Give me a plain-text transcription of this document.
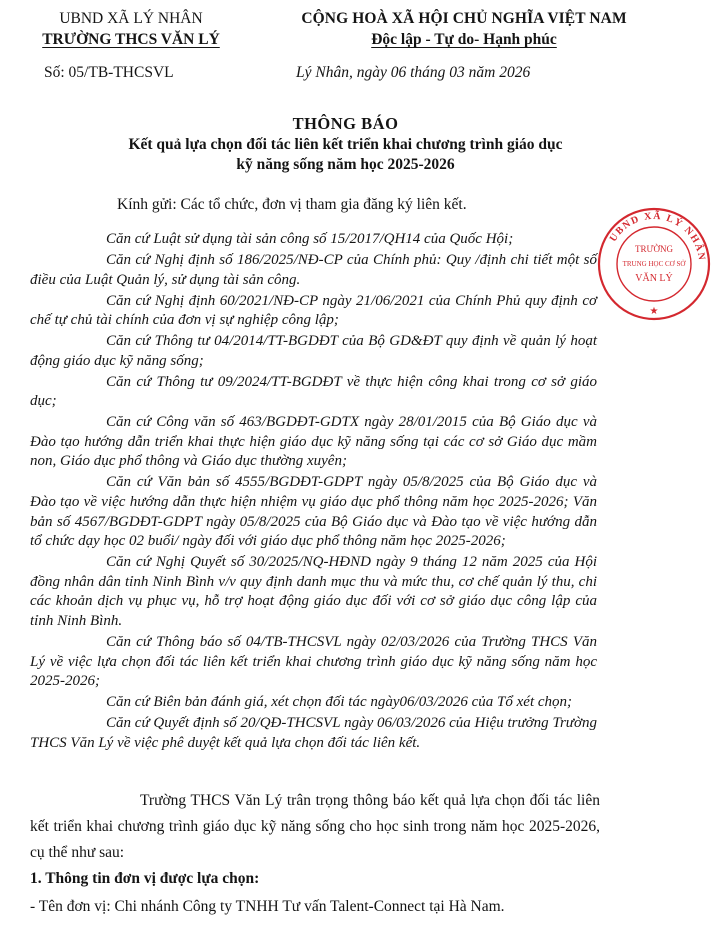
UBND XÃ LÝ NHÂN
TRƯỜNG THCS VĂN LÝ
CỘNG HOÀ XÃ HỘI CHỦ NGHĨA VIỆT NAM
Độc lập - Tự do- Hạnh phúc
Số: 05/TB-THCSVL	Lý Nhân, ngày 06 tháng 03 năm 2026
THÔNG BÁO
Kết quả lựa chọn đối tác liên kết triển khai chương trình giáo dục
kỹ năng sống năm học 2025-2026
Kính gửi: Các tổ chức, đơn vị tham gia đăng ký liên kết.

Căn cứ Luật sử dụng tài sản công số 15/2017/QH14 của Quốc Hội;

Căn cứ Nghị định số 186/2025/NĐ-CP của Chính phủ: Quy /định chi tiết một số điều của Luật Quản lý, sử dụng tài sản công.

Căn cứ Nghị định 60/2021/NĐ-CP ngày 21/06/2021 của Chính Phủ quy định cơ chế tự chủ tài chính của đơn vị sự nghiệp công lập;

Căn cứ Thông tư 04/2014/TT-BGDĐT của Bộ GD&ĐT quy định về quản lý hoạt động giáo dục kỹ năng sống;

Căn cứ Thông tư 09/2024/TT-BGDĐT về thực hiện công khai trong cơ sở giáo dục;

Căn cứ Công văn số 463/BGDĐT-GDTX ngày 28/01/2015 của Bộ Giáo dục và Đào tạo hướng dẫn triển khai thực hiện giáo dục kỹ năng sống tại các cơ sở Giáo dục mầm non, Giáo dục phổ thông và Giáo dục thường xuyên;

Căn cứ Văn bản số 4555/BGDĐT-GDPT ngày 05/8/2025 của Bộ Giáo dục và Đào tạo về việc hướng dẫn thực hiện nhiệm vụ giáo dục phổ thông năm học 2025-2026; Văn bản số 4567/BGDĐT-GDPT ngày 05/8/2025 của Bộ Giáo dục và Đào tạo về việc hướng dẫn tổ chức dạy học 02 buổi/ ngày đối với giáo dục phổ thông năm học 2025-2026;

Căn cứ Nghị Quyết số 30/2025/NQ-HĐND ngày 9 tháng 12 năm 2025 của Hội đồng nhân dân tỉnh Ninh Bình v/v quy định danh mục thu và mức thu, cơ chế quản lý thu, chi các khoản dịch vụ phục vụ, hỗ trợ hoạt động giáo dục đối với cơ sở giáo dục công lập của tỉnh Ninh Bình.

Căn cứ Thông báo số 04/TB-THCSVL ngày 02/03/2026 của Trường THCS Văn Lý về việc lựa chọn đối tác liên kết triển khai chương trình giáo dục kỹ năng sống năm học 2025-2026;

Căn cứ Biên bản đánh giá, xét chọn đối tác ngày06/03/2026 của Tổ xét chọn;

Căn cứ Quyết định số 20/QĐ-THCSVL ngày 06/03/2026 của Hiệu trưởng Trường THCS Văn Lý về việc phê duyệt kết quả lựa chọn đối tác liên kết.

Trường THCS Văn Lý trân trọng thông báo kết quả lựa chọn đối tác liên kết triển khai chương trình giáo dục kỹ năng sống cho học sinh trong năm học 2025-2026, cụ thể như sau:

1. Thông tin đơn vị được lựa chọn:
- Tên đơn vị: Chi nhánh Công ty TNHH Tư vấn Talent-Connect tại Hà Nam.
UBND XÃ LÝ NHÂN
★
TRƯỜNG
TRUNG HỌC CƠ SỞ
VĂN LÝ
